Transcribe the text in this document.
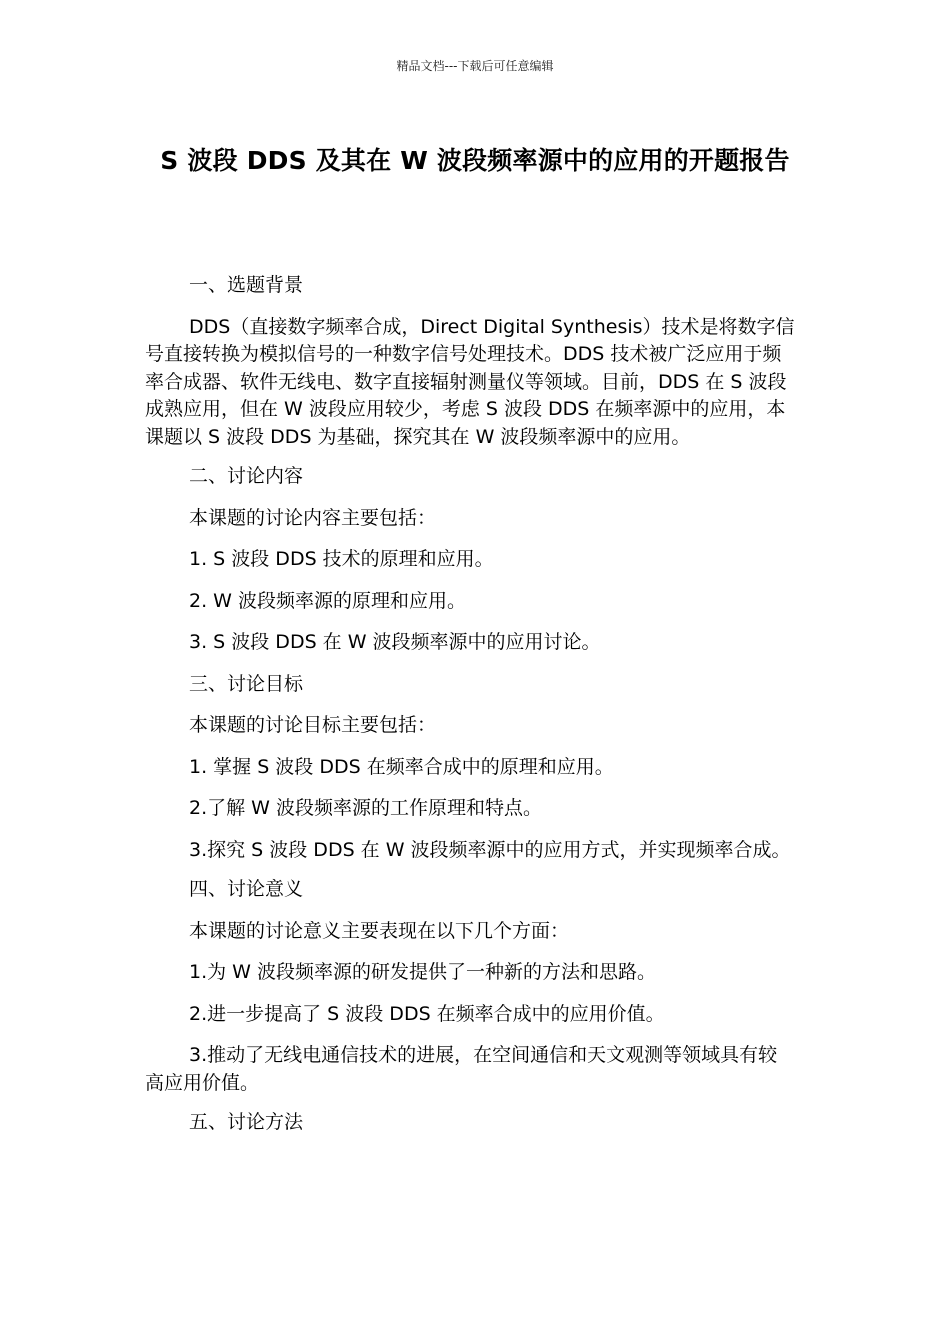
精品文档---下载后可任意编辑
S 波段 DDS 及其在 W 波段频率源中的应用的开题报告

一、选题背景

DDS（直接数字频率合成，Direct Digital Synthesis）技术是将数字信号直接转换为模拟信号的一种数字信号处理技术。DDS 技术被广泛应用于频率合成器、软件无线电、数字直接辐射测量仪等领域。目前，DDS 在 S 波段成熟应用，但在 W 波段应用较少，考虑 S 波段 DDS 在频率源中的应用，本课题以 S 波段 DDS 为基础，探究其在 W 波段频率源中的应用。

二、讨论内容

本课题的讨论内容主要包括：

1. S 波段 DDS 技术的原理和应用。

2. W 波段频率源的原理和应用。

3. S 波段 DDS 在 W 波段频率源中的应用讨论。

三、讨论目标

本课题的讨论目标主要包括：

1. 掌握 S 波段 DDS 在频率合成中的原理和应用。

2.了解 W 波段频率源的工作原理和特点。

3.探究 S 波段 DDS 在 W 波段频率源中的应用方式，并实现频率合成。

四、讨论意义

本课题的讨论意义主要表现在以下几个方面：

1.为 W 波段频率源的研发提供了一种新的方法和思路。

2.进一步提高了 S 波段 DDS 在频率合成中的应用价值。

3.推动了无线电通信技术的进展，在空间通信和天文观测等领域具有较高应用价值。

五、讨论方法
